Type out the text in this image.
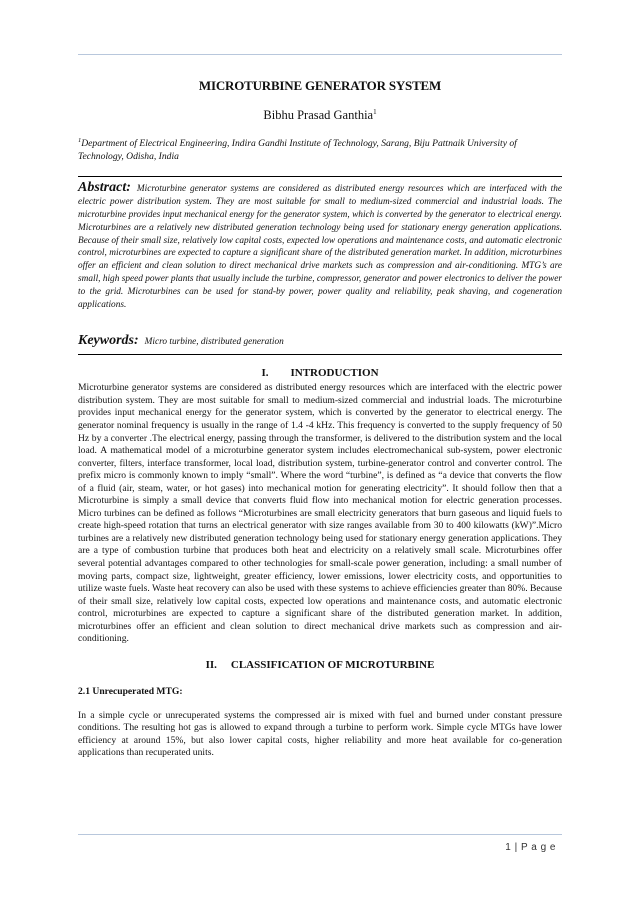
MICROTURBINE GENERATOR SYSTEM
Bibhu Prasad Ganthia$^1$
$^1$Department of Electrical Engineering, Indira Gandhi Institute of Technology, Sarang, Biju Pattnaik University of Technology, Odisha, India
Abstract: Microturbine generator systems are considered as distributed energy resources which are interfaced with the electric power distribution system. They are most suitable for small to medium-sized commercial and industrial loads. The microturbine provides input mechanical energy for the generator system, which is converted by the generator to electrical energy. Microturbines are a relatively new distributed generation technology being used for stationary energy generation applications. Because of their small size, relatively low capital costs, expected low operations and maintenance costs, and automatic electronic control, microturbines are expected to capture a significant share of the distributed generation market. In addition, microturbines offer an efficient and clean solution to direct mechanical drive markets such as compression and air-conditioning. MTG’s are small, high speed power plants that usually include the turbine, compressor, generator and power electronics to deliver the power to the grid. Microturbines can be used for stand-by power, power quality and reliability, peak shaving, and cogeneration applications.
Keywords: Micro turbine, distributed generation
I. INTRODUCTION
Microturbine generator systems are considered as distributed energy resources which are interfaced with the electric power distribution system. They are most suitable for small to medium-sized commercial and industrial loads. The microturbine provides input mechanical energy for the generator system, which is converted by the generator to electrical energy. The generator nominal frequency is usually in the range of 1.4 -4 kHz. This frequency is converted to the supply frequency of 50 Hz by a converter .The electrical energy, passing through the transformer, is delivered to the distribution system and the local load. A mathematical model of a microturbine generator system includes electromechanical sub-system, power electronic converter, filters, interface transformer, local load, distribution system, turbine-generator control and converter control. The prefix micro is commonly known to imply “small”. Where the word “turbine”, is defined as “a device that converts the flow of a fluid (air, steam, water, or hot gases) into mechanical motion for generating electricity”. It should follow then that a Microturbine is simply a small device that converts fluid flow into mechanical motion for electric generation processes. Micro turbines can be defined as follows “Microturbines are small electricity generators that burn gaseous and liquid fuels to create high-speed rotation that turns an electrical generator with size ranges available from 30 to 400 kilowatts (kW)”.Micro turbines are a relatively new distributed generation technology being used for stationary energy generation applications. They are a type of combustion turbine that produces both heat and electricity on a relatively small scale. Microturbines offer several potential advantages compared to other technologies for small-scale power generation, including: a small number of moving parts, compact size, lightweight, greater efficiency, lower emissions, lower electricity costs, and opportunities to utilize waste fuels. Waste heat recovery can also be used with these systems to achieve efficiencies greater than 80%. Because of their small size, relatively low capital costs, expected low operations and maintenance costs, and automatic electronic control, microturbines are expected to capture a significant share of the distributed generation market. In addition, microturbines offer an efficient and clean solution to direct mechanical drive markets such as compression and air-conditioning.
II. CLASSIFICATION OF MICROTURBINE
2.1 Unrecuperated MTG:
In a simple cycle or unrecuperated systems the compressed air is mixed with fuel and burned under constant pressure conditions. The resulting hot gas is allowed to expand through a turbine to perform work. Simple cycle MTGs have lower efficiency at around 15%, but also lower capital costs, higher reliability and more heat available for co-generation applications than recuperated units.
1 | P a g e
